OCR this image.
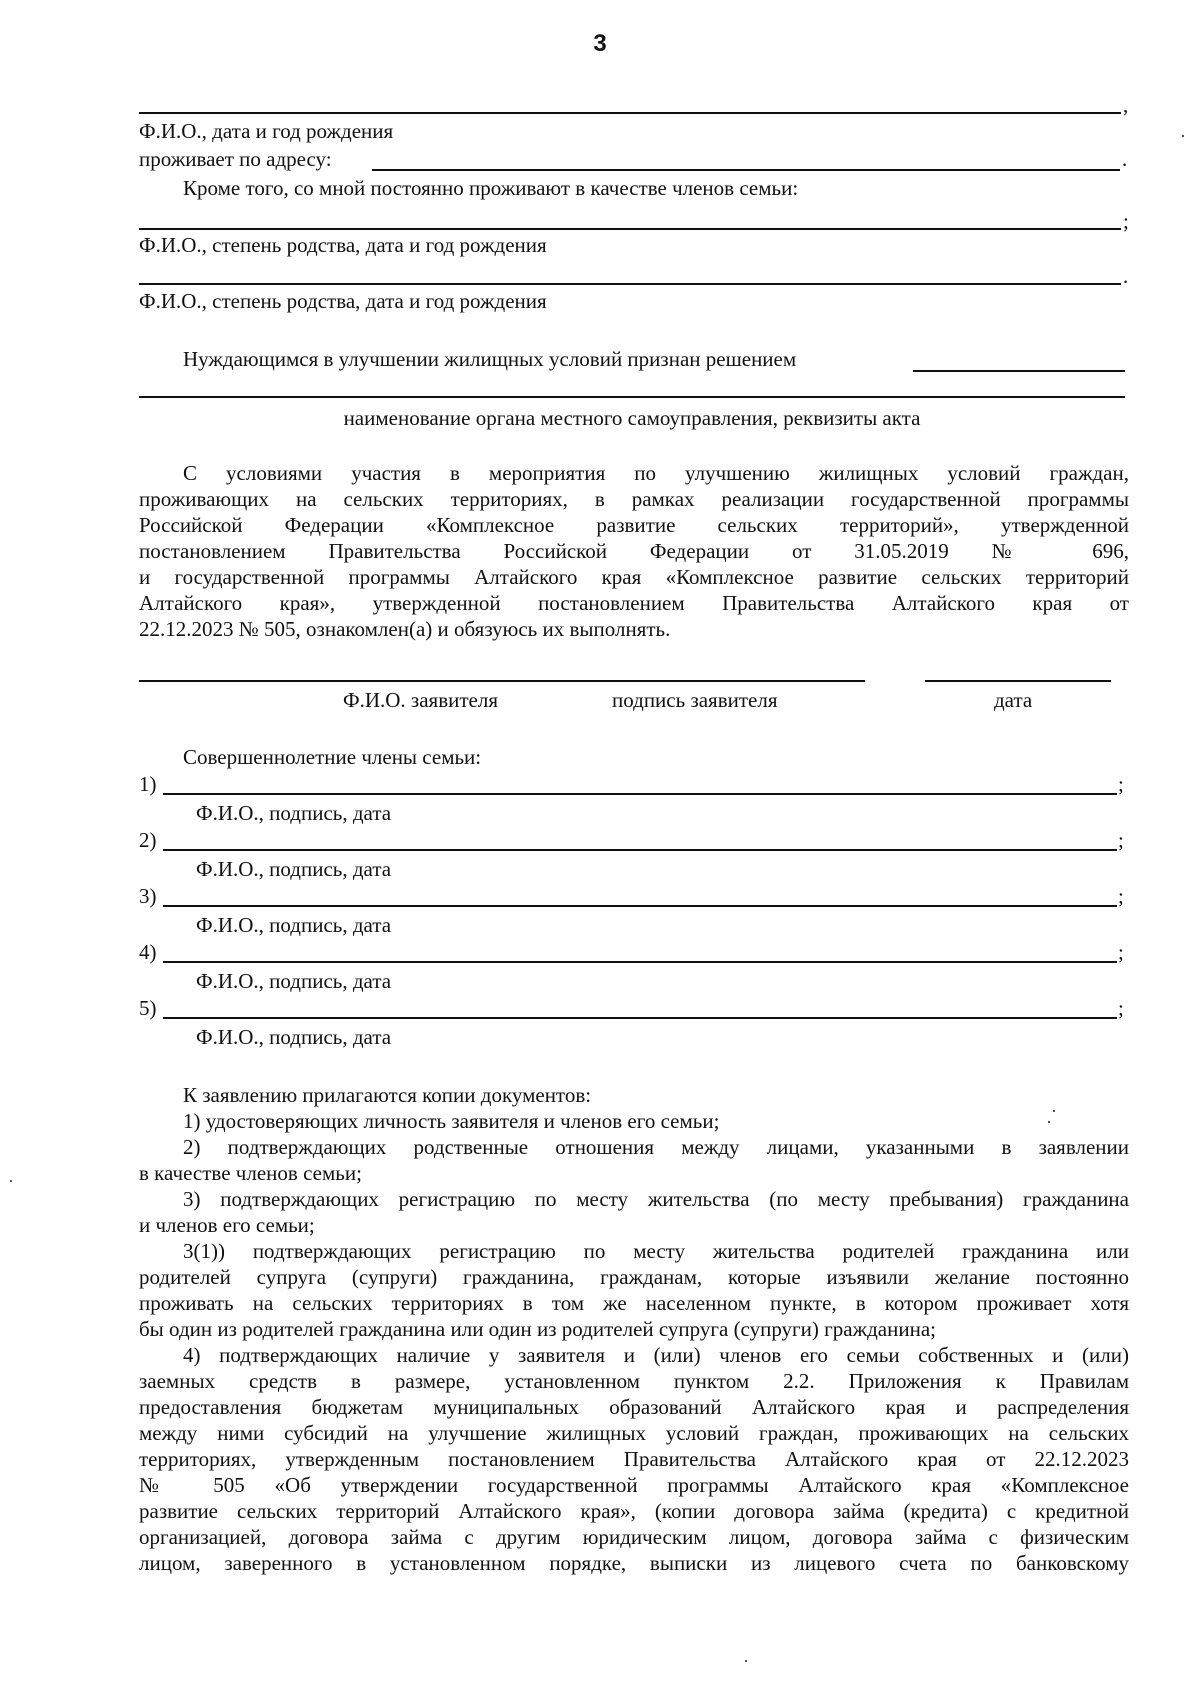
3
,
Ф.И.О., дата и год рождения
проживает по адресу:	.
Кроме того, со мной постоянно проживают в качестве членов семьи:
;
Ф.И.О., степень родства, дата и год рождения
.
Ф.И.О., степень родства, дата и год рождения
Нуждающимся в улучшении жилищных условий признан решением
наименование органа местного самоуправления, реквизиты акта
С условиями участия в мероприятия по улучшению жилищных условий граждан,
проживающих на сельских территориях, в рамках реализации государственной программы
Российской Федерации «Комплексное развитие сельских территорий», утвержденной
постановлением Правительства Российской Федерации от 31.05.2019 № 696,
и государственной программы Алтайского края «Комплексное развитие сельских территорий
Алтайского края», утвержденной постановлением Правительства Алтайского края от
22.12.2023 № 505, ознакомлен(а) и обязуюсь их выполнять.
Ф.И.О. заявителя	подпись заявителя	дата
Совершеннолетние члены семьи:
1)	;
Ф.И.О., подпись, дата
2)	;
Ф.И.О., подпись, дата
3)	;
Ф.И.О., подпись, дата
4)	;
Ф.И.О., подпись, дата
5)	;
Ф.И.О., подпись, дата
К заявлению прилагаются копии документов:
1) удостоверяющих личность заявителя и членов его семьи;
2) подтверждающих родственные отношения между лицами, указанными в заявлении
в качестве членов семьи;
3) подтверждающих регистрацию по месту жительства (по месту пребывания) гражданина
и членов его семьи;
3(1)) подтверждающих регистрацию по месту жительства родителей гражданина или
родителей супруга (супруги) гражданина, гражданам, которые изъявили желание постоянно
проживать на сельских территориях в том же населенном пункте, в котором проживает хотя
бы один из родителей гражданина или один из родителей супруга (супруги) гражданина;
4) подтверждающих наличие у заявителя и (или) членов его семьи собственных и (или)
заемных средств в размере, установленном пунктом 2.2. Приложения к Правилам
предоставления бюджетам муниципальных образований Алтайского края и распределения
между ними субсидий на улучшение жилищных условий граждан, проживающих на сельских
территориях, утвержденным постановлением Правительства Алтайского края от 22.12.2023
№ 505 «Об утверждении государственной программы Алтайского края «Комплексное
развитие сельских территорий Алтайского края», (копии договора займа (кредита) с кредитной
организацией, договора займа с другим юридическим лицом, договора займа с физическим
лицом, заверенного в установленном порядке, выписки из лицевого счета по банковскому
